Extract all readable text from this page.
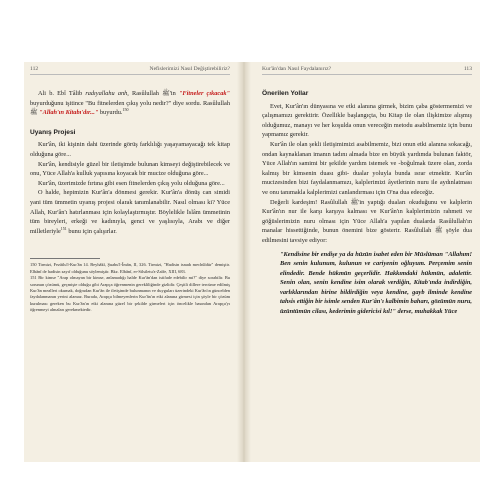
112	Nefislerimizi Nasıl Değiştirebiliriz?

Ali b. Ebî Tâlib radıyallahu anh, Rasûlullah ﷺ'in "Fitneler çıkacak" buyurduğunu işitince "Bu fitnelerden çıkış yolu nedir?" diye sordu. Rasûlullah ﷺ "Allah'ın Kitabı'dır..." buyurdu.$^{150}$

Uyanış Projesi

Kur'ân, iki kişinin dahi üzerinde görüş farklılığı yaşayamayacağı tek kitap olduğuna göre...

Kur'ân, kendisiyle güzel bir iletişimde bulunan kimseyi değiştirebilecek ve onu, Yüce Allah'a kulluk yapısına koyacak bir mucize olduğuna göre...

Kur'ân, üzerimizde fırtına gibi esen fitnelerden çıkış yolu olduğuna göre...

O halde, hepimizin Kur'ân'a dönmesi gerekir. Kur'ân'a dönüş can simidi yani tüm ümmetin uyanış projesi olarak tanımlanabilir. Nasıl olması ki? Yüce Allah, Kur'ân'ı hatırlanması için kolaylaştırmıştır. Böylelikle İslâm ümmetinin tüm bireyleri, erkeği ve kadınıyla, genci ve yaşlısıyla, Arabı ve diğer milletleriyle$^{151}$ bunu için çalışırlar.

150 Tirmizi, Fezâilu'l-Kur'ân 14. Beyhâkî, Şuabu'l-Îmân, II, 326. Tirmizi, "Hadisin isnadı mechûldür" demiştir. Elbânî de hadisin zayıf olduğunu söylemiştir. Bkz. Elbânî, er-Silsiletu'z-Zaîfe, XIII, 683.

151 Bir kimse "Arap olmayan bir kimse, anlamadığı halde Kur'ân'dan istifade edebilir mi?" diye sorabilir. Bu sorunun çözümü, geçmişte olduğu gibi Arapça öğrenmenin gerekliliğinde gizlidir. Çeşitli dillere tercüme edilmiş Kur'ân mealleri okumak, doğrudan Kur'ân ile iletişimde bulunmanın ve duyguları üzerindeki Kur'ân'ın güncelden faydalanmanın yerini alamaz. Burada, Arapça bilmeyenlerin Kur'ân'ın etki alanına girmesi için şöyle bir çözüm kurulması gereken bu Kur'ân'ın etki alanına güzel bir şekilde girmeleri için öncelikle basından Arapça'yı öğrenmeyi almaları gerekmektedir.

Kur'ân'dan Nasıl Faydalanırız?	113
Önerilen Yollar

Evet, Kur'ân'ın dünyasına ve etki alanına girmek, bizim çaba göstermemizi ve çalışmamızı gerektirir. Özellikle başlangıçta, bu Kitap ile olan ilişkimize alışmış olduğumuz, manayı ve her koşulda onun vereceğin metodu asabilmemiz için bunu yapmamız gerekir.

Kur'ân ile olan şekli iletişimimizi asabilmemiz, bizi onun etki alanına sokacağı, ondan kaynaklanan imanın tadını almada bize en büyük yardımda bulunan faktör, Yüce Allah'ın samimi bir şekilde yardım istemek ve -boğulmak üzere olan, zorda kalmış bir kimsenin duası gibi- dualar yoluyla bunda ısrar etmektir. Kur'ân mucizesinden bizi faydalanmamızı, kalplerimizi âyetlerinin nuru ile aydınlatması ve onu tanımakla kalplerimizi canlandırması için O'na dua edeceğiz.

Değerli kardeşim! Rasûlullah ﷺ'in yaptığı duaları okuduğunu ve kalplerin Kur'ân'ın nur ile karşı karşıya kalması ve Kur'ân'ın kalplerimizin rahmeti ve göğüslerimizin nuru olması için Yüce Allah'a yapılan dualarda Rasûlullah'ın manalar hissettiğinde, bunun önemini bize gösterir. Rasûlullah ﷺ şöyle dua edilmesini tavsiye ediyor:

"Kendisine bir endişe ya da hüzün isabet eden bir Müslüman "Allahım! Ben senin kulunum, kulunun ve cariyenin oğluyum. Perçemim senin elindedir. Bende hükmün geçerlidir. Hakkımdaki hükmün, adalettir. Senin olan, senin kendine isim olarak verdiğin, Kitab'ında indirdiğin, varlıklarından birine bildirdiğin veya kendine, gayb ilminde kendine tahsis ettiğin bir isimle senden Kur'ân'ı kalbimin baharı, gözümün nuru, üzüntümün cilası, kederimin gidericisi kıl!" derse, muhakkak Yüce
